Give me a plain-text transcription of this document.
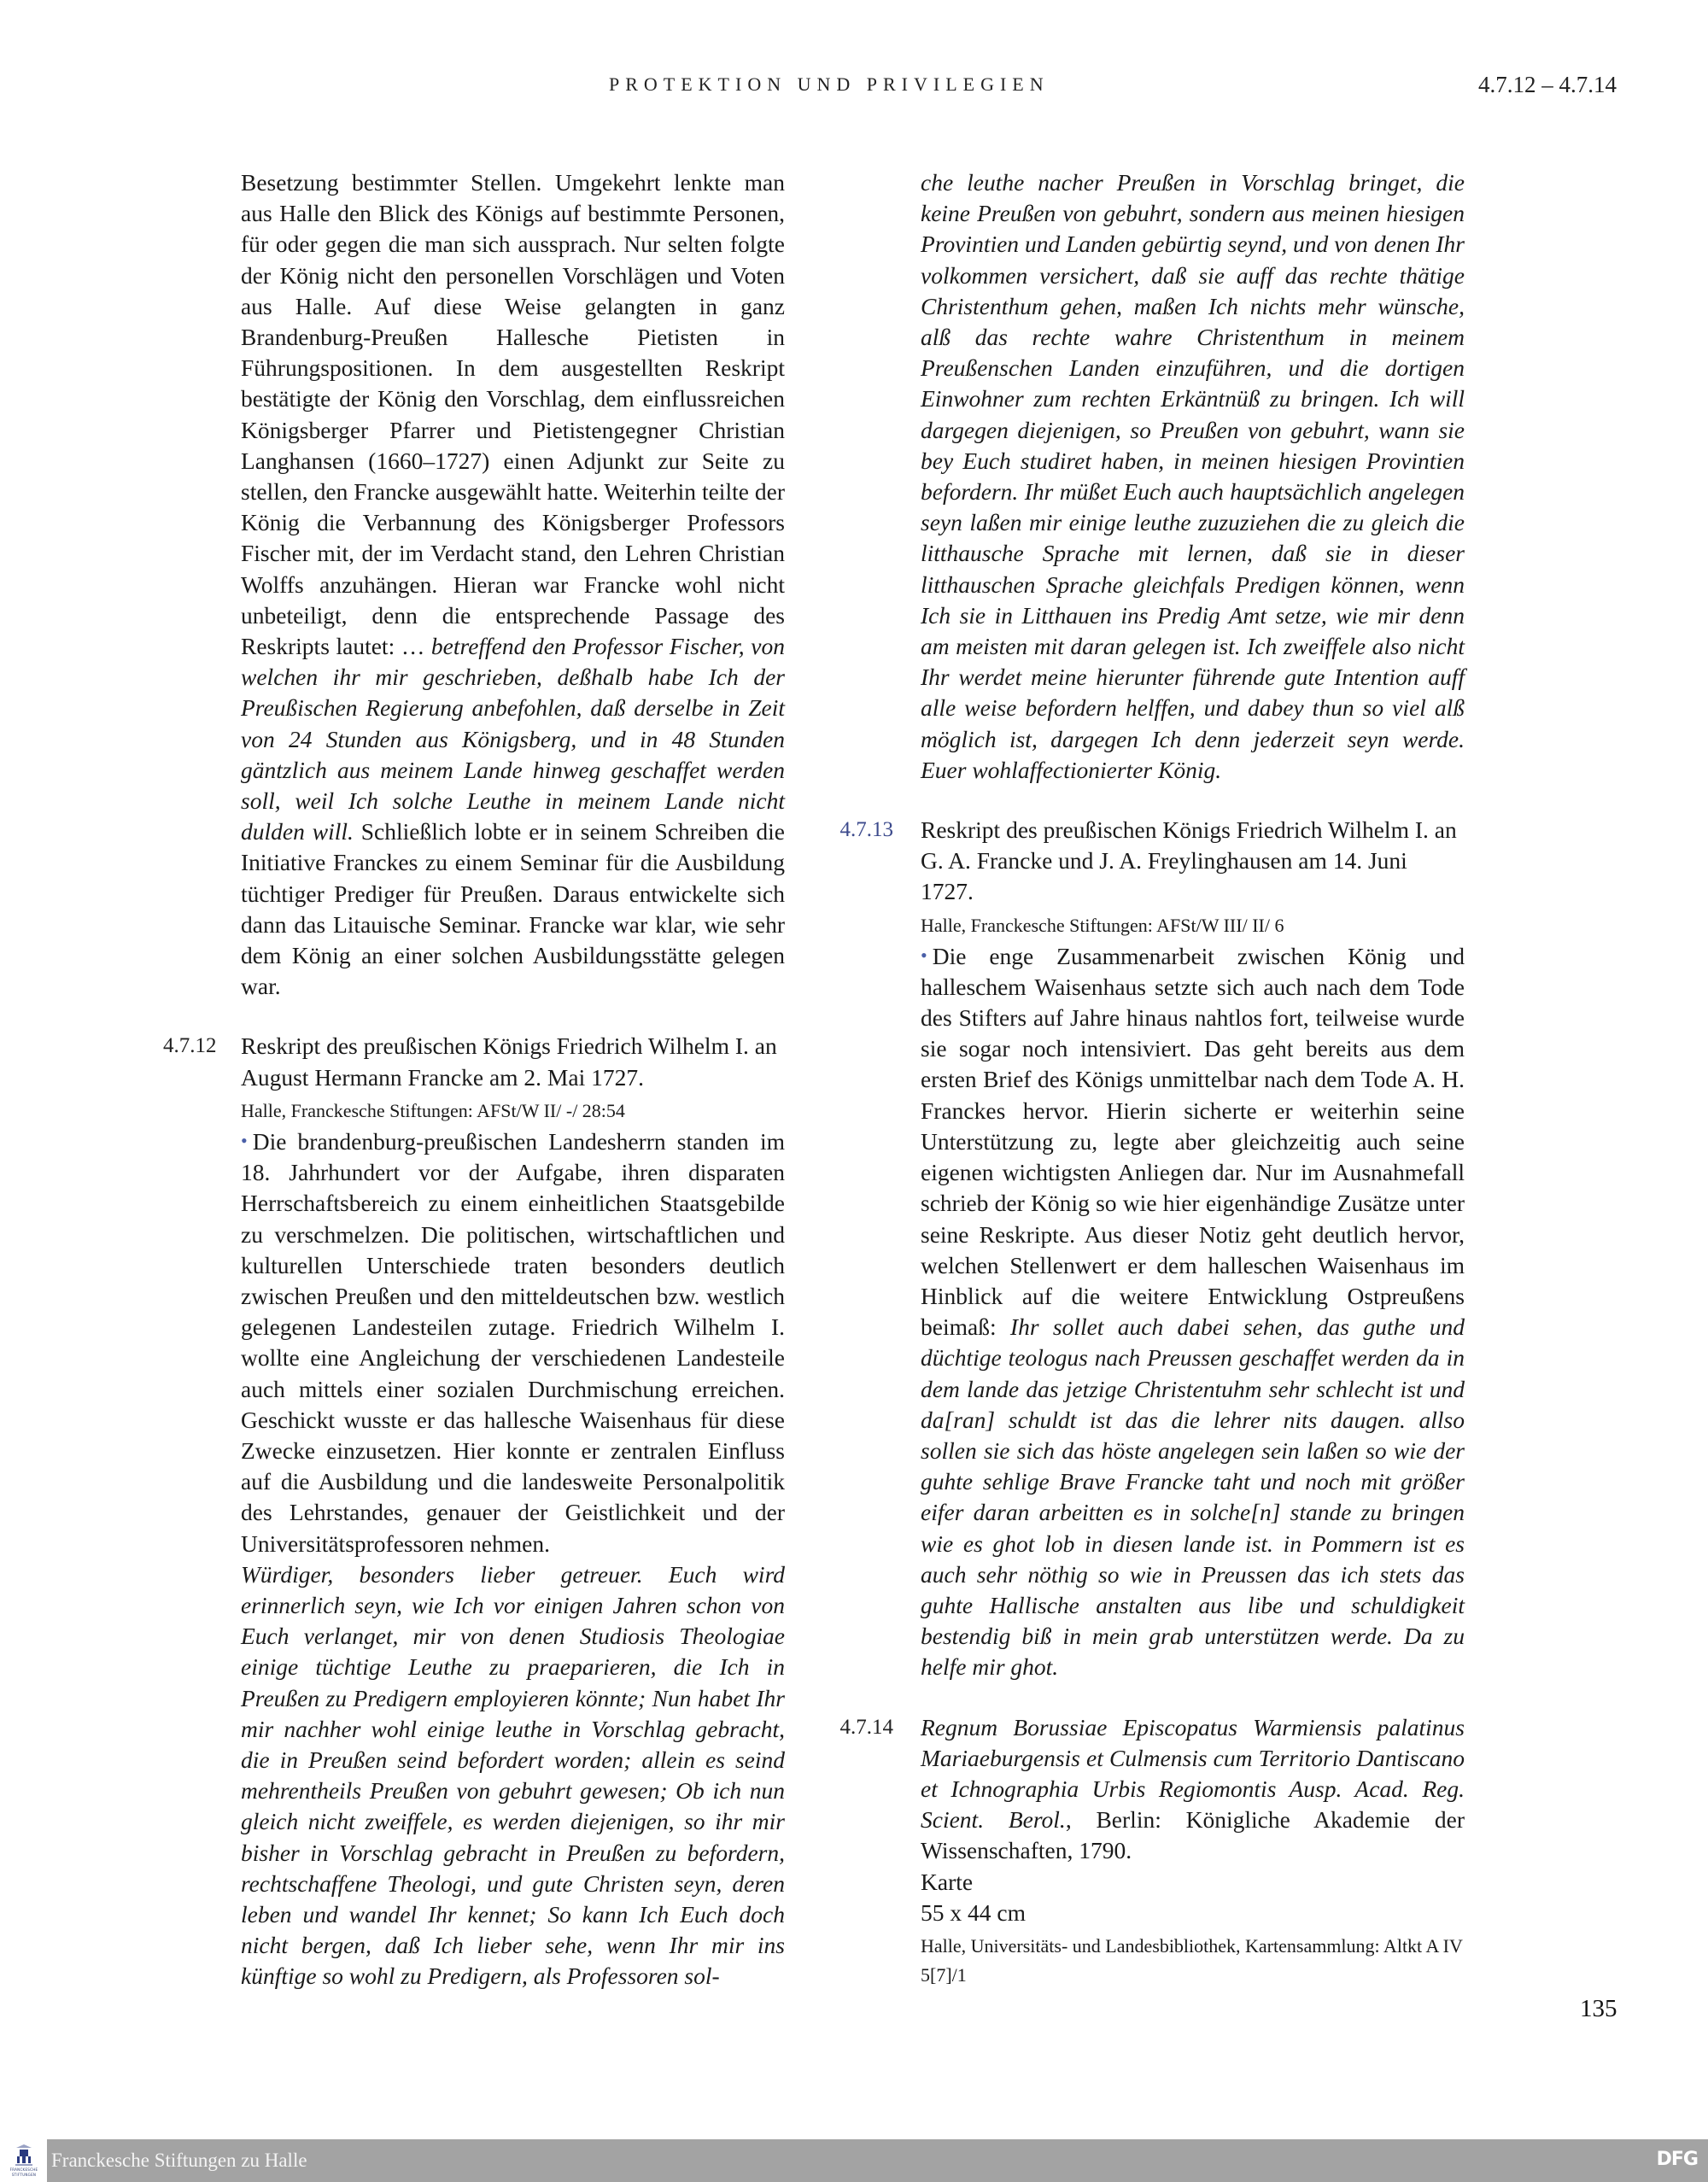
PROTEKTION UND PRIVILEGIEN	4.7.12 – 4.7.14

Besetzung bestimmter Stellen. Umgekehrt lenkte man aus Halle den Blick des Königs auf bestimmte Personen, für oder gegen die man sich aussprach. Nur selten folgte der König nicht den personellen Vorschlägen und Voten aus Halle. Auf diese Weise gelangten in ganz Brandenburg-Preußen Hallesche Pietisten in Führungspositionen. In dem ausgestellten Reskript bestätigte der König den Vorschlag, dem einflussreichen Königsberger Pfarrer und Pietistengegner Christian Langhansen (1660–1727) einen Adjunkt zur Seite zu stellen, den Francke ausgewählt hatte. Weiterhin teilte der König die Verbannung des Königsberger Professors Fischer mit, der im Verdacht stand, den Lehren Christian Wolffs anzuhängen. Hieran war Francke wohl nicht unbeteiligt, denn die entsprechende Passage des Reskripts lautet: … betreffend den Professor Fischer, von welchen ihr mir geschrieben, deßhalb habe Ich der Preußischen Regierung anbefohlen, daß derselbe in Zeit von 24 Stunden aus Königsberg, und in 48 Stunden gäntzlich aus meinem Lande hinweg geschaffet werden soll, weil Ich solche Leuthe in meinem Lande nicht dulden will. Schließlich lobte er in seinem Schreiben die Initiative Franckes zu einem Seminar für die Ausbildung tüchtiger Prediger für Preußen. Daraus entwickelte sich dann das Litauische Seminar. Francke war klar, wie sehr dem König an einer solchen Ausbildungsstätte gelegen war.

4.7.12 Reskript des preußischen Königs Friedrich Wilhelm I. an August Hermann Francke am 2. Mai 1727.

Halle, Franckesche Stiftungen: AFSt/W II/ -/ 28:54

• Die brandenburg-preußischen Landesherrn standen im 18. Jahrhundert vor der Aufgabe, ihren disparaten Herrschaftsbereich zu einem einheitlichen Staatsgebilde zu verschmelzen. Die politischen, wirtschaftlichen und kulturellen Unterschiede traten besonders deutlich zwischen Preußen und den mitteldeutschen bzw. westlich gelegenen Landesteilen zutage. Friedrich Wilhelm I. wollte eine Angleichung der verschiedenen Landesteile auch mittels einer sozialen Durchmischung erreichen. Geschickt wusste er das hallesche Waisenhaus für diese Zwecke einzusetzen. Hier konnte er zentralen Einfluss auf die Ausbildung und die landesweite Personalpolitik des Lehrstandes, genauer der Geistlichkeit und der Universitätsprofessoren nehmen.

Würdiger, besonders lieber getreuer. Euch wird erinnerlich seyn, wie Ich vor einigen Jahren schon von Euch verlanget, mir von denen Studiosis Theologiae einige tüchtige Leuthe zu praeparieren, die Ich in Preußen zu Predigern employieren könnte; Nun habet Ihr mir nachher wohl einige leuthe in Vorschlag gebracht, die in Preußen seind befordert worden; allein es seind mehrentheils Preußen von gebuhrt gewesen; Ob ich nun gleich nicht zweiffele, es werden diejenigen, so ihr mir bisher in Vorschlag gebracht in Preußen zu befordern, rechtschaffene Theologi, und gute Christen seyn, deren leben und wandel Ihr kennet; So kann Ich Euch doch nicht bergen, daß Ich lieber sehe, wenn Ihr mir ins künftige so wohl zu Predigern, als Professoren sol-

che leuthe nacher Preußen in Vorschlag bringet, die keine Preußen von gebuhrt, sondern aus meinen hiesigen Provintien und Landen gebürtig seynd, und von denen Ihr volkommen versichert, daß sie auff das rechte thätige Christenthum gehen, maßen Ich nichts mehr wünsche, alß das rechte wahre Christenthum in meinem Preußenschen Landen einzuführen, und die dortigen Einwohner zum rechten Erkäntnüß zu bringen. Ich will dargegen diejenigen, so Preußen von gebuhrt, wann sie bey Euch studiret haben, in meinen hiesigen Provintien befordern. Ihr müßet Euch auch hauptsächlich angelegen seyn laßen mir einige leuthe zuzuziehen die zu gleich die litthausche Sprache mit lernen, daß sie in dieser litthauschen Sprache gleichfals Predigen können, wenn Ich sie in Litthauen ins Predig Amt setze, wie mir denn am meisten mit daran gelegen ist. Ich zweiffele also nicht Ihr werdet meine hierunter führende gute Intention auff alle weise befordern helffen, und dabey thun so viel alß möglich ist, dargegen Ich denn jederzeit seyn werde. Euer wohlaffectionierter König.

4.7.13 Reskript des preußischen Königs Friedrich Wilhelm I. an G. A. Francke und J. A. Freylinghausen am 14. Juni 1727.

Halle, Franckesche Stiftungen: AFSt/W III/ II/ 6

• Die enge Zusammenarbeit zwischen König und halleschem Waisenhaus setzte sich auch nach dem Tode des Stifters auf Jahre hinaus nahtlos fort, teilweise wurde sie sogar noch intensiviert. Das geht bereits aus dem ersten Brief des Königs unmittelbar nach dem Tode A. H. Franckes hervor. Hierin sicherte er weiterhin seine Unterstützung zu, legte aber gleichzeitig auch seine eigenen wichtigsten Anliegen dar. Nur im Ausnahmefall schrieb der König so wie hier eigenhändige Zusätze unter seine Reskripte. Aus dieser Notiz geht deutlich hervor, welchen Stellenwert er dem halleschen Waisenhaus im Hinblick auf die weitere Entwicklung Ostpreußens beimaß: Ihr sollet auch dabei sehen, das guthe und düchtige teologus nach Preussen geschaffet werden da in dem lande das jetzige Christentuhm sehr schlecht ist und da[ran] schuldt ist das die lehrer nits daugen. allso sollen sie sich das höste angelegen sein laßen so wie der guhte sehlige Brave Francke taht und noch mit größer eifer daran arbeitten es in solche[n] stande zu bringen wie es ghot lob in diesen lande ist. in Pommern ist es auch sehr nöthig so wie in Preussen das ich stets das guhte Hallische anstalten aus libe und schuldigkeit bestendig biß in mein grab unterstützen werde. Da zu helfe mir ghot.

4.7.14 Regnum Borussiae Episcopatus Warmiensis palatinus Mariaeburgensis et Culmensis cum Territorio Dantiscano et Ichnographia Urbis Regiomontis Ausp. Acad. Reg. Scient. Berol., Berlin: Königliche Akademie der Wissenschaften, 1790.

Karte

55 x 44 cm

Halle, Universitäts- und Landesbibliothek, Kartensammlung: Altkt A IV 5[7]/1

135
FRANCKESCHE
STIFTUNGEN
Franckesche Stiftungen zu Halle	DFG
